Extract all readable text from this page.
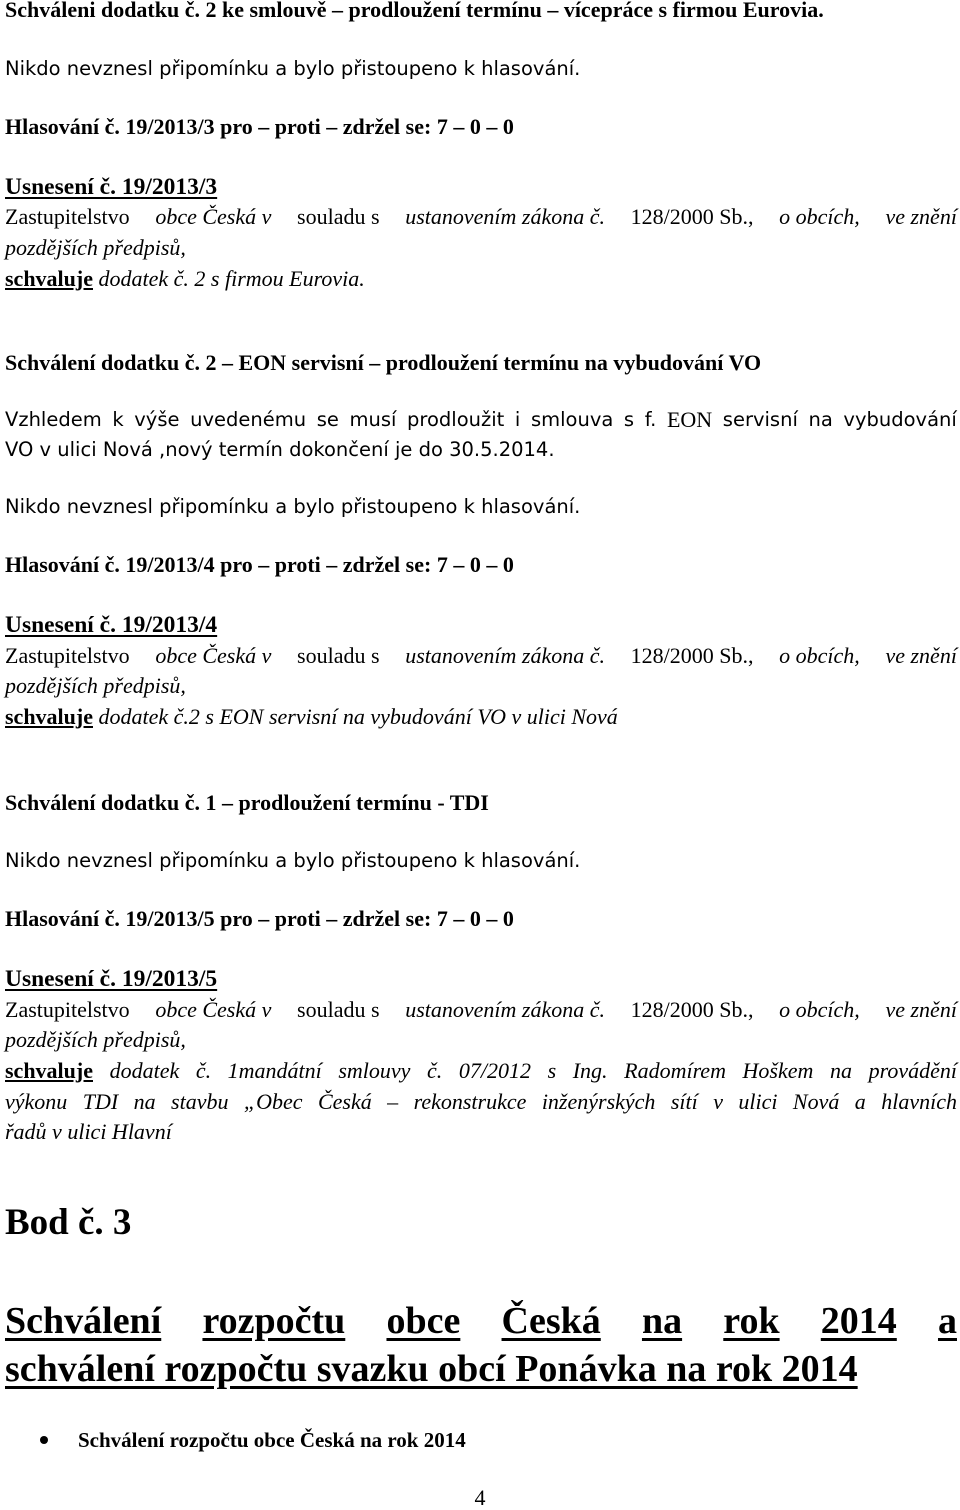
Schváleni dodatku č. 2 ke smlouvě – prodloužení termínu – vícepráce s firmou Eurovia.
Nikdo nevznesl připomínku a bylo přistoupeno k hlasování.
Hlasování č. 19/2013/3 pro – proti – zdržel se: 7 – 0 – 0
Usnesení č. 19/2013/3
Zastupitelstvo obce Česká v souladu s ustanovením zákona č. 128/2000 Sb., o obcích, ve znění
pozdějších předpisů,
schvaluje dodatek č. 2 s firmou Eurovia.
Schválení dodatku č. 2 – EON servisní – prodloužení termínu na vybudování VO
Vzhledem k výše uvedenému se musí prodloužit i smlouva s f. EON servisní na vybudování
VO v ulici Nová ,nový termín dokončení je do 30.5.2014.
Nikdo nevznesl připomínku a bylo přistoupeno k hlasování.
Hlasování č. 19/2013/4 pro – proti – zdržel se: 7 – 0 – 0
Usnesení č. 19/2013/4
Zastupitelstvo obce Česká v souladu s ustanovením zákona č. 128/2000 Sb., o obcích, ve znění
pozdějších předpisů,
schvaluje dodatek č.2 s EON servisní na vybudování VO v ulici Nová
Schválení dodatku č. 1 – prodloužení termínu - TDI
Nikdo nevznesl připomínku a bylo přistoupeno k hlasování.
Hlasování č. 19/2013/5 pro – proti – zdržel se: 7 – 0 – 0
Usnesení č. 19/2013/5
Zastupitelstvo obce Česká v souladu s ustanovením zákona č. 128/2000 Sb., o obcích, ve znění
pozdějších předpisů,
schvaluje dodatek č. 1mandátní smlouvy č. 07/2012 s Ing. Radomírem Hoškem na provádění
výkonu TDI na stavbu „Obec Česká – rekonstrukce inženýrských sítí v ulici Nová a hlavních
řadů v ulici Hlavní
Bod č. 3
Schválení rozpočtu obce Česká na rok 2014 a
schválení rozpočtu svazku obcí Ponávka na rok 2014
Schválení rozpočtu obce Česká na rok 2014
4
